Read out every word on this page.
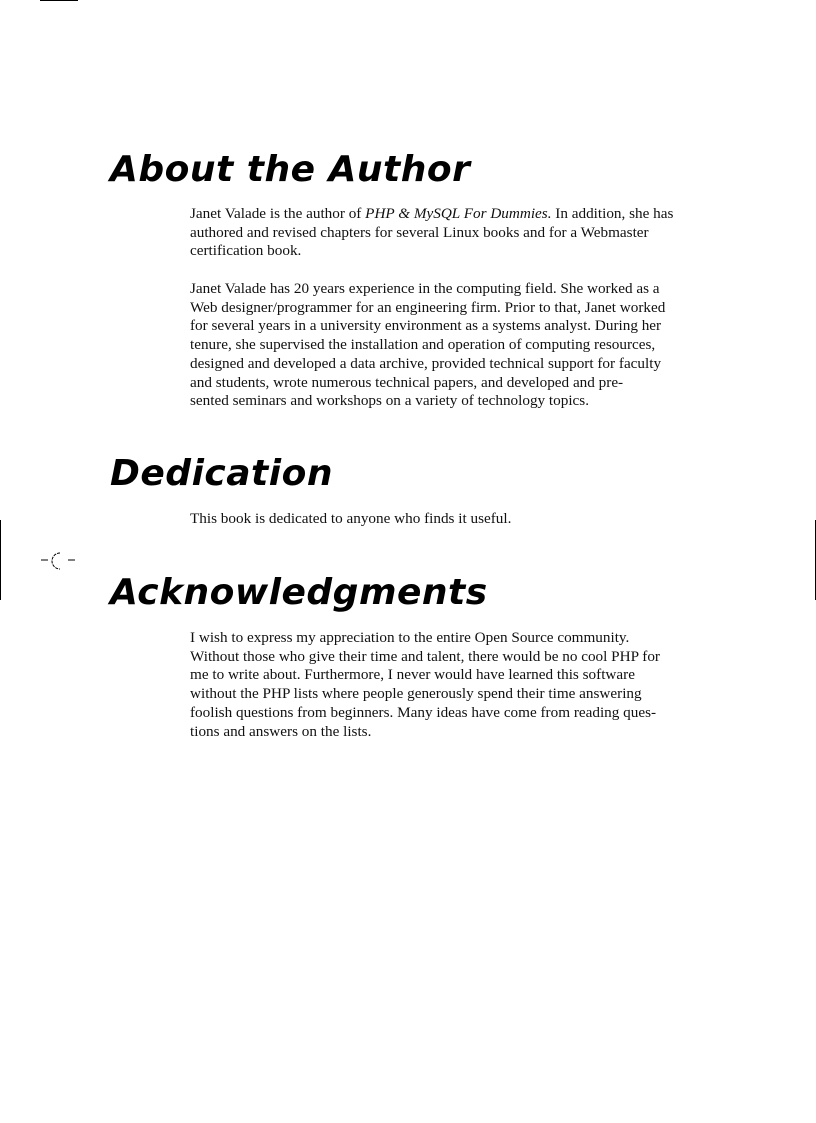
About the Author
Janet Valade is the author of PHP & MySQL For Dummies. In addition, she has
authored and revised chapters for several Linux books and for a Webmaster
certification book.
Janet Valade has 20 years experience in the computing field. She worked as a
Web designer/programmer for an engineering firm. Prior to that, Janet worked
for several years in a university environment as a systems analyst. During her
tenure, she supervised the installation and operation of computing resources,
designed and developed a data archive, provided technical support for faculty
and students, wrote numerous technical papers, and developed and pre-
sented seminars and workshops on a variety of technology topics.
Dedication
This book is dedicated to anyone who finds it useful.
Acknowledgments
I wish to express my appreciation to the entire Open Source community.
Without those who give their time and talent, there would be no cool PHP for
me to write about. Furthermore, I never would have learned this software
without the PHP lists where people generously spend their time answering
foolish questions from beginners. Many ideas have come from reading ques-
tions and answers on the lists.
